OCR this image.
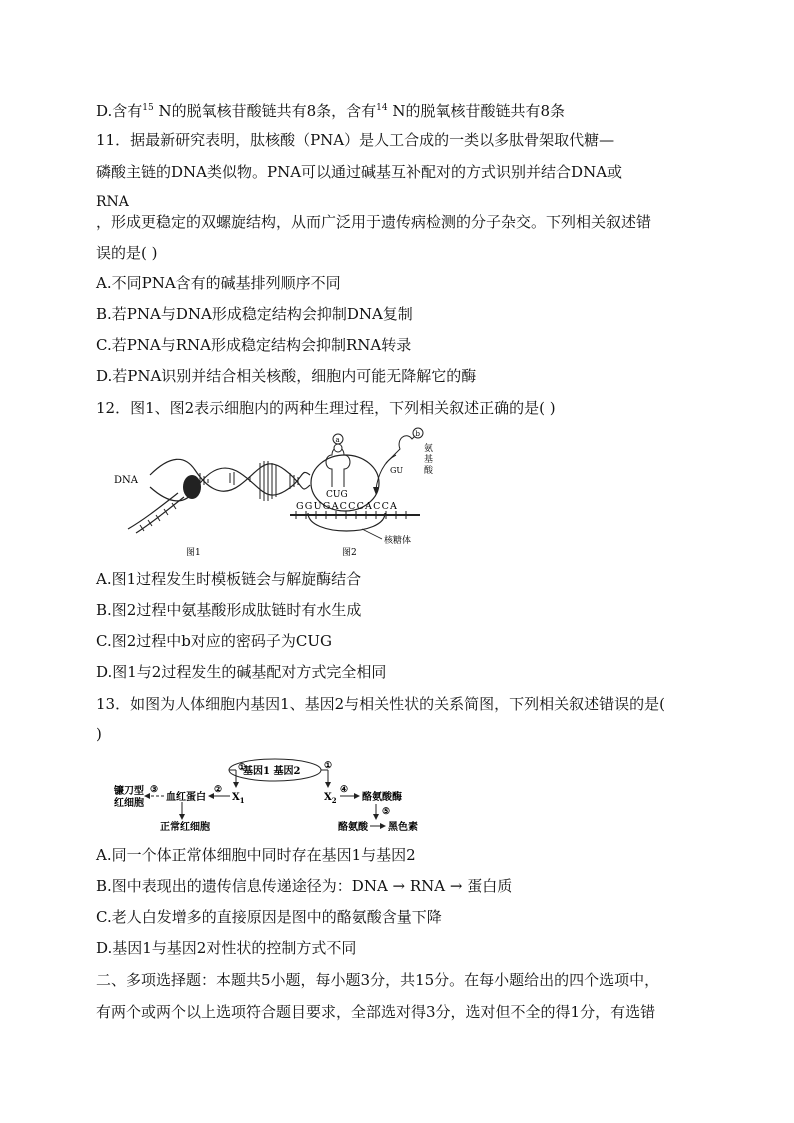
D.含有$^{15}$ N的脱氧核苷酸链共有8条，含有$^{14}$ N的脱氧核苷酸链共有8条
11．据最新研究表明，肽核酸（PNA）是人工合成的一类以多肽骨架取代糖—
磷酸主链的DNA类似物。PNA可以通过碱基互补配对的方式识别并结合DNA或
RNA
，形成更稳定的双螺旋结构，从而广泛用于遗传病检测的分子杂交。下列相关叙述错
误的是( )
A.不同PNA含有的碱基排列顺序不同
B.若PNA与DNA形成稳定结构会抑制DNA复制
C.若PNA与RNA形成稳定结构会抑制RNA转录
D.若PNA识别并结合相关核酸，细胞内可能无降解它的酶
12．图1、图2表示细胞内的两种生理过程，下列相关叙述正确的是( )
DNA
图1
GGUGACCCACCA
a
CUG
b
GU
氨
基
酸
核糖体
图2
A.图1过程发生时模板链会与解旋酶结合
B.图2过程中氨基酸形成肽链时有水生成
C.图2过程中b对应的密码子为CUG
D.图1与2过程发生的碱基配对方式完全相同
13．如图为人体细胞内基因1、基因2与相关性状的关系简图，下列相关叙述错误的是(
)
基因1 基因2
①
$X_1$
②
血红蛋白
③
镰刀型
红细胞
正常红细胞
①
$X_2$
④
酪氨酸酶
⑤
酪氨酸 黑色素
A.同一个体正常体细胞中同时存在基因1与基因2
B.图中表现出的遗传信息传递途径为：DNA → RNA → 蛋白质
C.老人白发增多的直接原因是图中的酪氨酸含量下降
D.基因1与基因2对性状的控制方式不同
二、多项选择题：本题共5小题，每小题3分，共15分。在每小题给出的四个选项中，
有两个或两个以上选项符合题目要求，全部选对得3分，选对但不全的得1分，有选错
